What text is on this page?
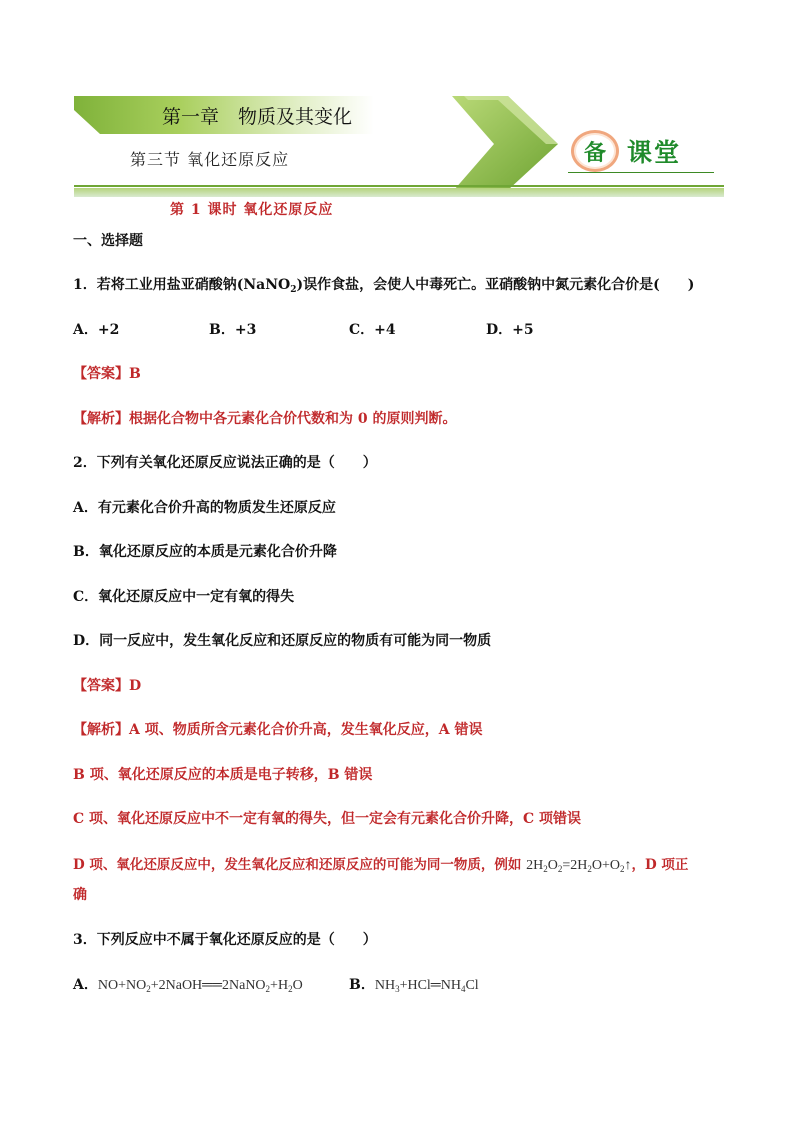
第一章　物质及其变化
第三节 氧化还原反应	备 课堂
第 1 课时 氧化还原反应
一、选择题
1．若将工业用盐亚硝酸钠(NaNO$_2$)误作食盐，会使人中毒死亡。亚硝酸钠中氮元素化合价是(　　)
A．+2	B．+3	C．+4	D．+5
【答案】B
【解析】根据化合物中各元素化合价代数和为 0 的原则判断。
2．下列有关氧化还原反应说法正确的是（　　）
A．有元素化合价升高的物质发生还原反应
B．氧化还原反应的本质是元素化合价升降
C．氧化还原反应中一定有氧的得失
D．同一反应中，发生氧化反应和还原反应的物质有可能为同一物质
【答案】D
【解析】A 项、物质所含元素化合价升高，发生氧化反应，A 错误
B 项、氧化还原反应的本质是电子转移，B 错误
C 项、氧化还原反应中不一定有氧的得失，但一定会有元素化合价升降，C 项错误
D 项、氧化还原反应中，发生氧化反应和还原反应的可能为同一物质，例如 $2H_2O_2=2H_2O+O_2↑$，D 项正
确
3．下列反应中不属于氧化还原反应的是（　　）
A．$NO+NO_2+2NaOH══2NaNO_2+H_2O$	B．$NH_3+HCl═NH_4Cl$
